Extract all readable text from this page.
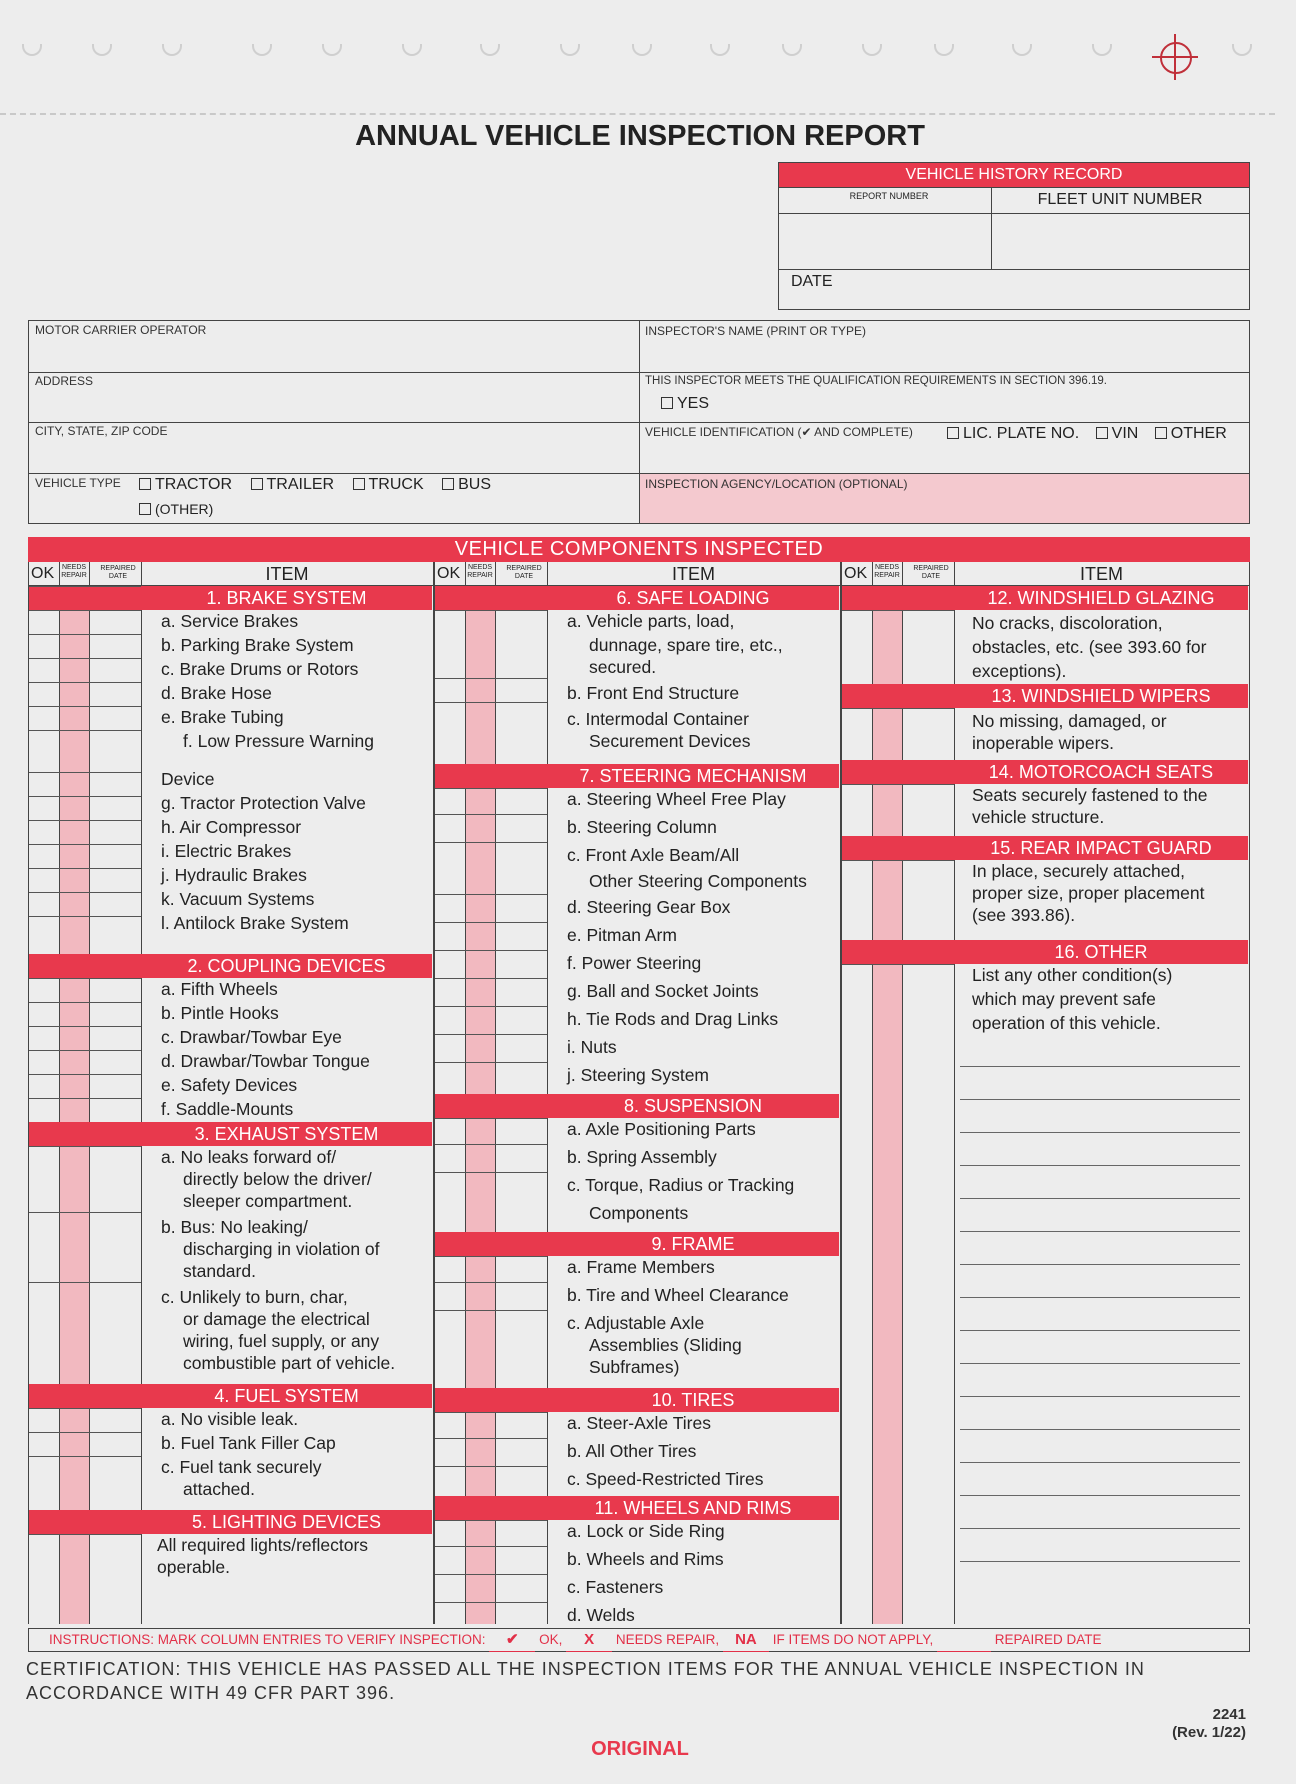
ANNUAL VEHICLE INSPECTION REPORT
VEHICLE HISTORY RECORD
REPORT NUMBER	FLEET UNIT NUMBER
DATE
MOTOR CARRIER OPERATOR
ADDRESS
CITY, STATE, ZIP CODE
VEHICLE TYPE	TRACTOR TRAILER TRUCK BUS
(OTHER)
INSPECTOR'S NAME (PRINT OR TYPE)
THIS INSPECTOR MEETS THE QUALIFICATION REQUIREMENTS IN SECTION 396.19.
YES
VEHICLE IDENTIFICATION (✔ AND COMPLETE)	LIC. PLATE NO. VIN OTHER
INSPECTION AGENCY/LOCATION (OPTIONAL)
VEHICLE COMPONENTS INSPECTED
OK	NEEDS REPAIR
REPAIRED DATE	ITEM
1. BRAKE SYSTEM
a. Service Brakes
b. Parking Brake System
c. Brake Drums or Rotors
d. Brake Hose
e. Brake Tubing
f. Low Pressure Warning
Device
g. Tractor Protection Valve
h. Air Compressor
i. Electric Brakes
j. Hydraulic Brakes
k. Vacuum Systems
l. Antilock Brake System
2. COUPLING DEVICES
a. Fifth Wheels
b. Pintle Hooks
c. Drawbar/Towbar Eye
d. Drawbar/Towbar Tongue
e. Safety Devices
f. Saddle-Mounts
3. EXHAUST SYSTEM
a. No leaks forward of/
directly below the driver/
sleeper compartment.
b. Bus: No leaking/
discharging in violation of
standard.
c. Unlikely to burn, char,
or damage the electrical
wiring, fuel supply, or any
combustible part of vehicle.
4. FUEL SYSTEM
a. No visible leak.
b. Fuel Tank Filler Cap
c. Fuel tank securely
attached.
5. LIGHTING DEVICES
All required lights/reflectors
operable.
OK	NEEDS REPAIR
REPAIRED DATE	ITEM
6. SAFE LOADING
a. Vehicle parts, load,
dunnage, spare tire, etc.,
secured.
b. Front End Structure
c. Intermodal Container
Securement Devices
7. STEERING MECHANISM
a. Steering Wheel Free Play
b. Steering Column
c. Front Axle Beam/All
Other Steering Components
d. Steering Gear Box
e. Pitman Arm
f. Power Steering
g. Ball and Socket Joints
h. Tie Rods and Drag Links
i. Nuts
j. Steering System
8. SUSPENSION
a. Axle Positioning Parts
b. Spring Assembly
c. Torque, Radius or Tracking
Components
9. FRAME
a. Frame Members
b. Tire and Wheel Clearance
c. Adjustable Axle
Assemblies (Sliding
Subframes)
10. TIRES
a. Steer-Axle Tires
b. All Other Tires
c. Speed-Restricted Tires
11. WHEELS AND RIMS
a. Lock or Side Ring
b. Wheels and Rims
c. Fasteners
d. Welds
OK	NEEDS REPAIR
REPAIRED DATE	ITEM
12. WINDSHIELD GLAZING
No cracks, discoloration,
obstacles, etc. (see 393.60 for
exceptions).
13. WINDSHIELD WIPERS
No missing, damaged, or
inoperable wipers.
14. MOTORCOACH SEATS
Seats securely fastened to the
vehicle structure.
15. REAR IMPACT GUARD
In place, securely attached,
proper size, proper placement
(see 393.86).
16. OTHER
List any other condition(s)
which may prevent safe
operation of this vehicle.
INSTRUCTIONS: MARK COLUMN ENTRIES TO VERIFY INSPECTION: ✔ OK, X NEEDS REPAIR, NA IF ITEMS DO NOT APPLY,	REPAIRED DATE
CERTIFICATION: THIS VEHICLE HAS PASSED ALL THE INSPECTION ITEMS FOR THE ANNUAL VEHICLE INSPECTION IN ACCORDANCE WITH 49 CFR PART 396.
2241
(Rev. 1/22)
ORIGINAL
